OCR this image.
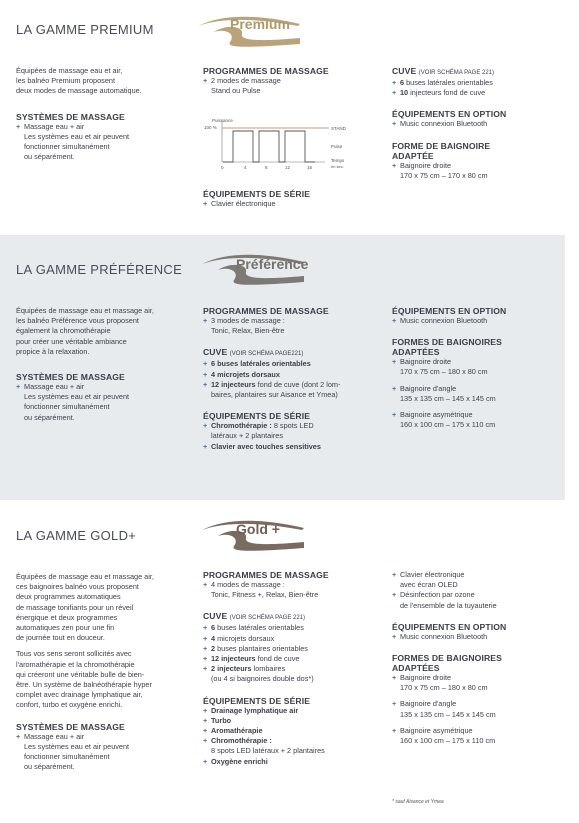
LA GAMME PREMIUM	Premium

Équipées de massage eau et air,

les balnéo Premium proposent

deux modes de massage automatique.

SYSTÈMES DE MASSAGE

+ Massage eau + air

Les systèmes eau et air peuvent

fonctionner simultanément

ou séparément.

PROGRAMMES DE MASSAGE

+ 2 modes de massage

Stand ou Pulse

Puissance
100 %	STAND
Pulse
Temps
en sec.
0	4	8	12	16

ÉQUIPEMENTS DE SÉRIE

+ Clavier électronique

CUVE (VOIR SCHÉMA PAGE 221)

+ 6 buses latérales orientables
+ 10 injecteurs fond de cuve

ÉQUIPEMENTS EN OPTION

+ Music connexion Bluetooth

FORME DE BAIGNOIRE

ADAPTÉE

+ Baignoire droite

170 x 75 cm – 170 x 80 cm

LA GAMME PRÉFÉRENCE	Préférence

Équipées de massage eau et massage air,

les balnéo Préférence vous proposent

également la chromothérapie

pour créer une véritable ambiance

propice à la relaxation.

SYSTÈMES DE MASSAGE

+ Massage eau + air

Les systèmes eau et air peuvent

fonctionner simultanément

ou séparément.

PROGRAMMES DE MASSAGE

+ 3 modes de massage :

Tonic, Relax, Bien-être

CUVE (VOIR SCHÉMA PAGE221)

+ 6 buses latérales orientables
+ 4 microjets dorsaux
+ 12 injecteurs fond de cuve (dont 2 lom-

baires, plantaires sur Aisance et Ymea)

ÉQUIPEMENTS DE SÉRIE

+ Chromothérapie : 8 spots LED

latéraux + 2 plantaires

+ Clavier avec touches sensitives

ÉQUIPEMENTS EN OPTION

+ Music connexion Bluetooth

FORMES DE BAIGNOIRES

ADAPTÉES

+ Baignoire droite

170 x 75 cm – 180 x 80 cm

+ Baignoire d'angle

135 x 135 cm – 145 x 145 cm

+ Baignoire asymétrique

160 x 100 cm – 175 x 110 cm

LA GAMME GOLD+	Gold +

Équipées de massage eau et massage air,

ces baignoires balnéo vous proposent

deux programmes automatiques

de massage tonifiants pour un réveil

énergique et deux programmes

automatiques zen pour une fin

de journée tout en douceur.

Tous vos sens seront sollicités avec

l'aromathérapie et la chromothérapie

qui créeront une véritable bulle de bien-

être. Un système de balnéothérapie hyper

complet avec drainage lymphatique air,

confort, turbo et oxygène enrichi.

SYSTÈMES DE MASSAGE

+ Massage eau + air

Les systèmes eau et air peuvent

fonctionner simultanément

ou séparément.

PROGRAMMES DE MASSAGE

+ 4 modes de massage :

Tonic, Fitness +, Relax, Bien-être

CUVE (VOIR SCHÉMA PAGE 221)

+ 6 buses latérales orientables
+ 4 microjets dorsaux
+ 2 buses plantaires orientables
+ 12 injecteurs fond de cuve
+ 2 injecteurs lombaires

(ou 4 si baignoires double dos*)

ÉQUIPEMENTS DE SÉRIE

+ Drainage lymphatique air
+ Turbo
+ Aromathérapie
+ Chromothérapie :

8 spots LED latéraux + 2 plantaires

+ Oxygène enrichi
+ Clavier électronique

avec écran OLED

+ Désinfection par ozone

de l'ensemble de la tuyauterie

ÉQUIPEMENTS EN OPTION

+ Music connexion Bluetooth

FORMES DE BAIGNOIRES

ADAPTÉES

+ Baignoire droite

170 x 75 cm – 180 x 80 cm

+ Baignoire d'angle

135 x 135 cm – 145 x 145 cm

+ Baignoire asymétrique

160 x 100 cm – 175 x 110 cm

* sauf Aisance et Ymea
